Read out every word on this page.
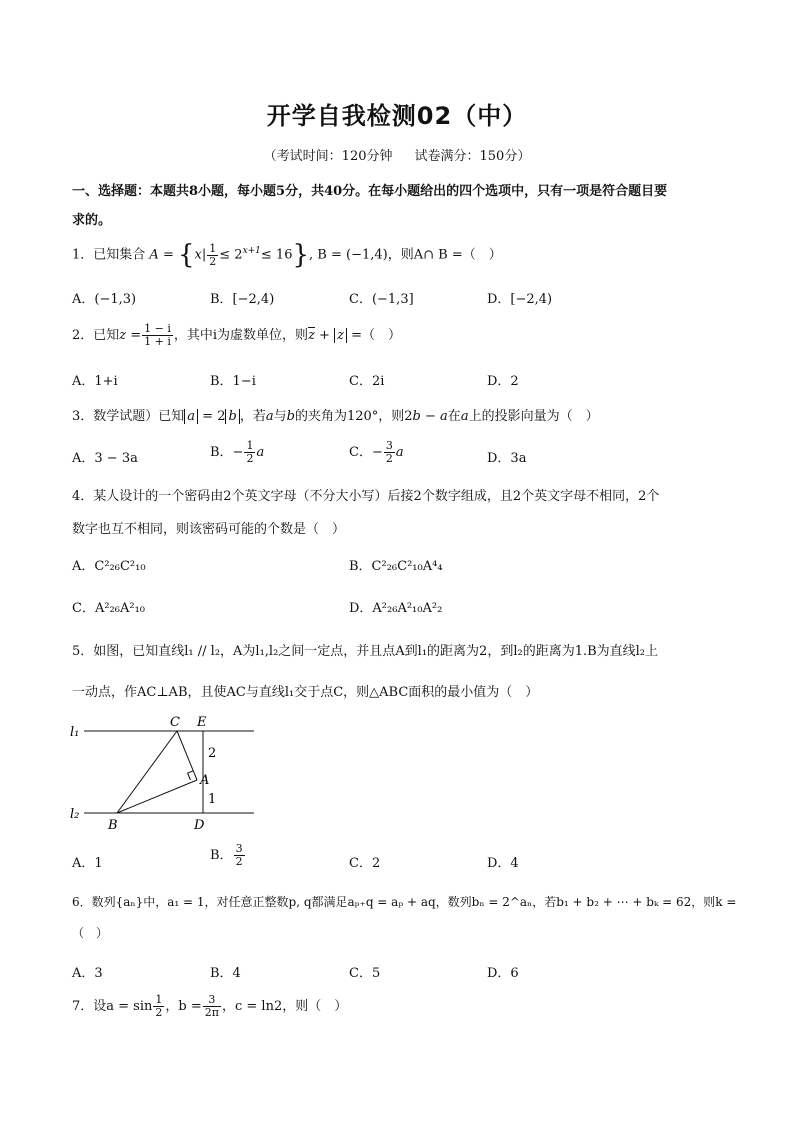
开学自我检测02（中）
（考试时间：120分钟 试卷满分：150分）
一、选择题：本题共8小题，每小题5分，共40分。在每小题给出的四个选项中，只有一项是符合题目要
求的。
1．已知集合 $A = \{x| \frac{1}{2} \le 2^{x+1}\le 16\}$, B = (−1,4)，则A∩ B =（　）
A．(−1,3)	B．[−2,4)	C．(−1,3]	D．[−2,4)
2．已知$z = \frac{1 - i}{1 + i}$ ，其中i为虚数单位，则$\overline{z} + z$ =（　）
A．1+i	B．1−i	C．2i	D．2
3．数学试题）已知 a = 2 b ，若a与b的夹角为120°，则2b − a在a上的投影向量为（　）
A．3 − 3a	B．− $\frac{1}{2}$ a	C．− $\frac{3}{2}$ a	D．3a
4．某人设计的一个密码由2个英文字母（不分大小写）后接2个数字组成，且2个英文字母不相同，2个
数字也互不相同，则该密码可能的个数是（　）
A．C²₂₆C²₁₀	B．C²₂₆C²₁₀A⁴₄
C．A²₂₆A²₁₀	D．A²₂₆A²₁₀A²₂
5．如图，已知直线l₁ // l₂，A为l₁,l₂之间一定点，并且点A到l₁的距离为2，到l₂的距离为1.B为直线l₂上
一动点，作AC⊥AB，且使AC与直线l₁交于点C，则△ABC面积的最小值为（　）
l₁
l₂
C E
A
B	D
2
1
A．1
B． $\frac{3}{2}$	C．2	D．4
6．数列{aₙ}中，a₁ = 1，对任意正整数p, q都满足aₚ₊q = aₚ + aq，数列bₙ = 2^aₙ，若b₁ + b₂ + ⋯ + bₖ = 62，则k =
（　）
A．3	B．4	C．5	D．6
7．设$a = \sin \frac{1}{2}$ ，$b = \frac{3}{2\pi}$ ，c = ln2，则（　）
